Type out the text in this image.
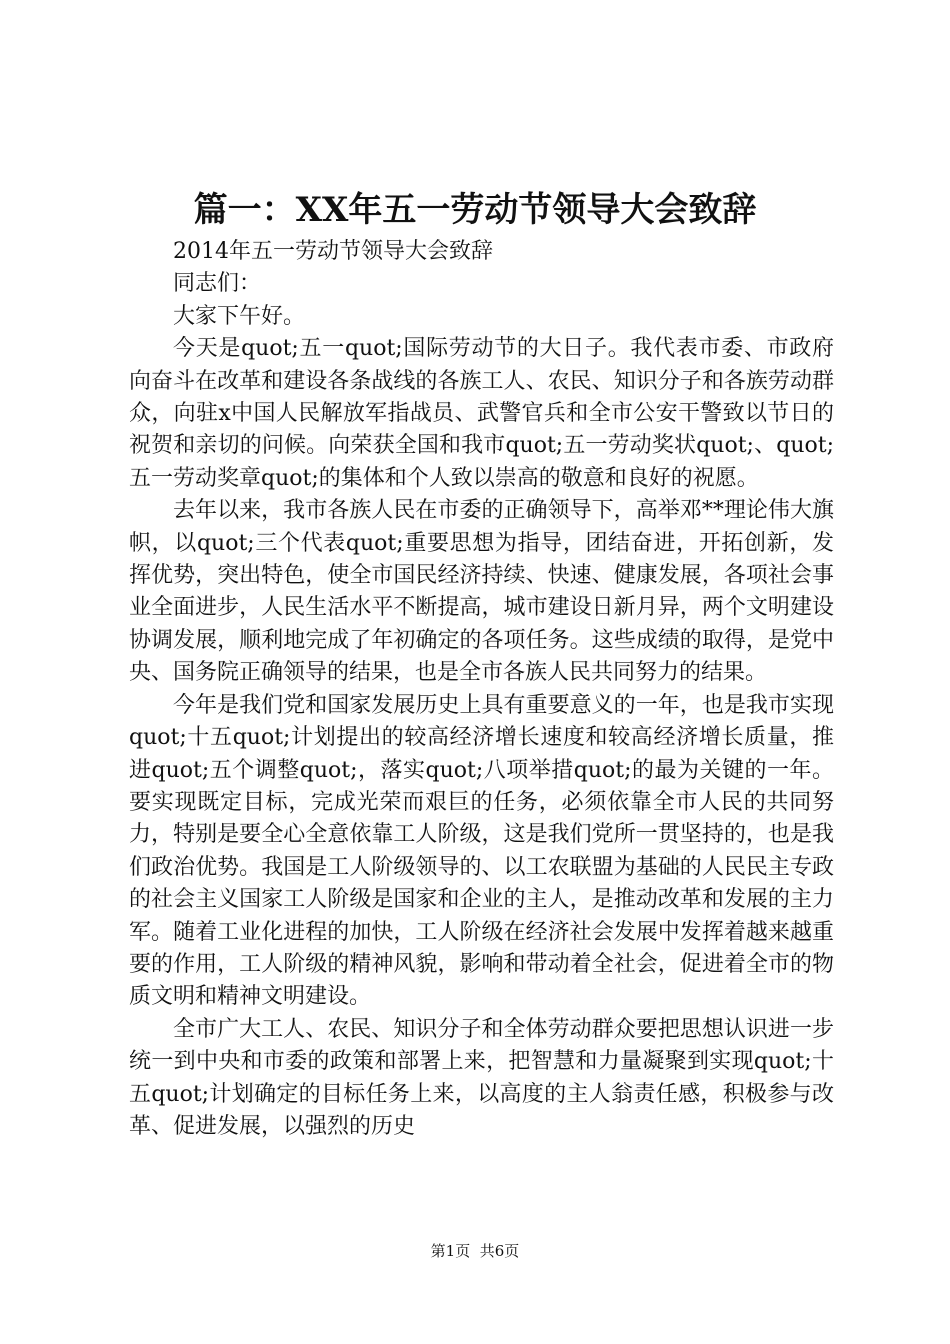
篇一：XX年五一劳动节领导大会致辞

2014年五一劳动节领导大会致辞

同志们：

大家下午好。

今天是quot;五一quot;国际劳动节的大日子。我代表市委、市政府向奋斗在改革和建设各条战线的各族工人、农民、知识分子和各族劳动群众，向驻x中国人民解放军指战员、武警官兵和全市公安干警致以节日的祝贺和亲切的问候。向荣获全国和我市quot;五一劳动奖状quot;、quot;五一劳动奖章quot;的集体和个人致以崇高的敬意和良好的祝愿。

去年以来，我市各族人民在市委的正确领导下，高举邓**理论伟大旗帜，以quot;三个代表quot;重要思想为指导，团结奋进，开拓创新，发挥优势，突出特色，使全市国民经济持续、快速、健康发展，各项社会事业全面进步，人民生活水平不断提高，城市建设日新月异，两个文明建设协调发展，顺利地完成了年初确定的各项任务。这些成绩的取得，是党中央、国务院正确领导的结果，也是全市各族人民共同努力的结果。

今年是我们党和国家发展历史上具有重要意义的一年，也是我市实现quot;十五quot;计划提出的较高经济增长速度和较高经济增长质量，推进quot;五个调整quot;，落实quot;八项举措quot;的最为关键的一年。要实现既定目标，完成光荣而艰巨的任务，必须依靠全市人民的共同努力，特别是要全心全意依靠工人阶级，这是我们党所一贯坚持的，也是我们政治优势。我国是工人阶级领导的、以工农联盟为基础的人民民主专政的社会主义国家工人阶级是国家和企业的主人，是推动改革和发展的主力军。随着工业化进程的加快，工人阶级在经济社会发展中发挥着越来越重要的作用，工人阶级的精神风貌，影响和带动着全社会，促进着全市的物质文明和精神文明建设。

全市广大工人、农民、知识分子和全体劳动群众要把思想认识进一步统一到中央和市委的政策和部署上来，把智慧和力量凝聚到实现quot;十五quot;计划确定的目标任务上来，以高度的主人翁责任感，积极参与改革、促进发展，以强烈的历史

第1页 共6页
